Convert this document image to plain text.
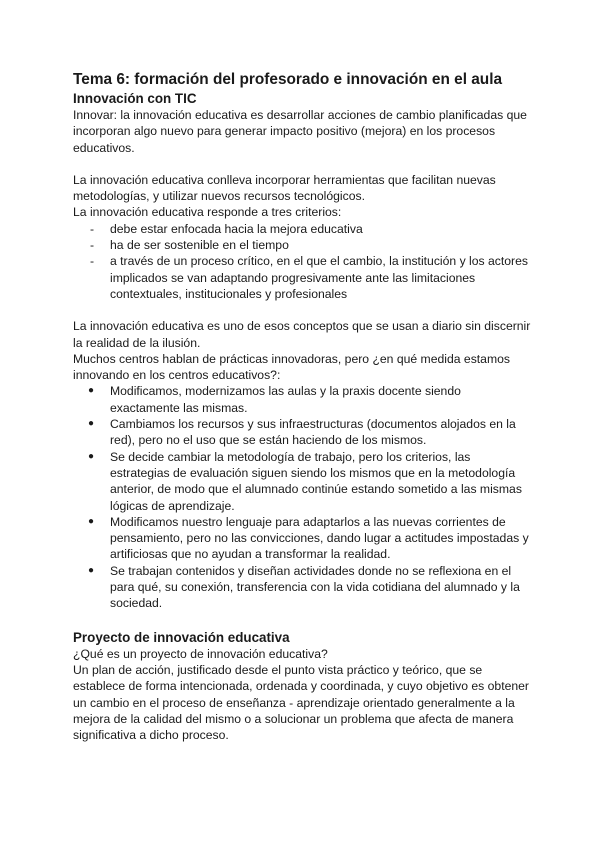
Tema 6: formación del profesorado e innovación en el aula
Innovación con TIC

Innovar: la innovación educativa es desarrollar acciones de cambio planificadas que incorporan algo nuevo para generar impacto positivo (mejora) en los procesos educativos.

La innovación educativa conlleva incorporar herramientas que facilitan nuevas metodologías, y utilizar nuevos recursos tecnológicos.

La innovación educativa responde a tres criterios:

- debe estar enfocada hacia la mejora educativa
- ha de ser sostenible en el tiempo
- a través de un proceso crítico, en el que el cambio, la institución y los actores implicados se van adaptando progresivamente ante las limitaciones contextuales, institucionales y profesionales

La innovación educativa es uno de esos conceptos que se usan a diario sin discernir la realidad de la ilusión.

Muchos centros hablan de prácticas innovadoras, pero ¿en qué medida estamos innovando en los centros educativos?:

● Modificamos, modernizamos las aulas y la praxis docente siendo exactamente las mismas.
● Cambiamos los recursos y sus infraestructuras (documentos alojados en la red), pero no el uso que se están haciendo de los mismos.
● Se decide cambiar la metodología de trabajo, pero los criterios, las estrategias de evaluación siguen siendo los mismos que en la metodología anterior, de modo que el alumnado continúe estando sometido a las mismas lógicas de aprendizaje.
● Modificamos nuestro lenguaje para adaptarlos a las nuevas corrientes de pensamiento, pero no las convicciones, dando lugar a actitudes impostadas y artificiosas que no ayudan a transformar la realidad.
● Se trabajan contenidos y diseñan actividades donde no se reflexiona en el para qué, su conexión, transferencia con la vida cotidiana del alumnado y la sociedad.
Proyecto de innovación educativa

¿Qué es un proyecto de innovación educativa?

Un plan de acción, justificado desde el punto vista práctico y teórico, que se establece de forma intencionada, ordenada y coordinada, y cuyo objetivo es obtener un cambio en el proceso de enseñanza - aprendizaje orientado generalmente a la mejora de la calidad del mismo o a solucionar un problema que afecta de manera significativa a dicho proceso.
